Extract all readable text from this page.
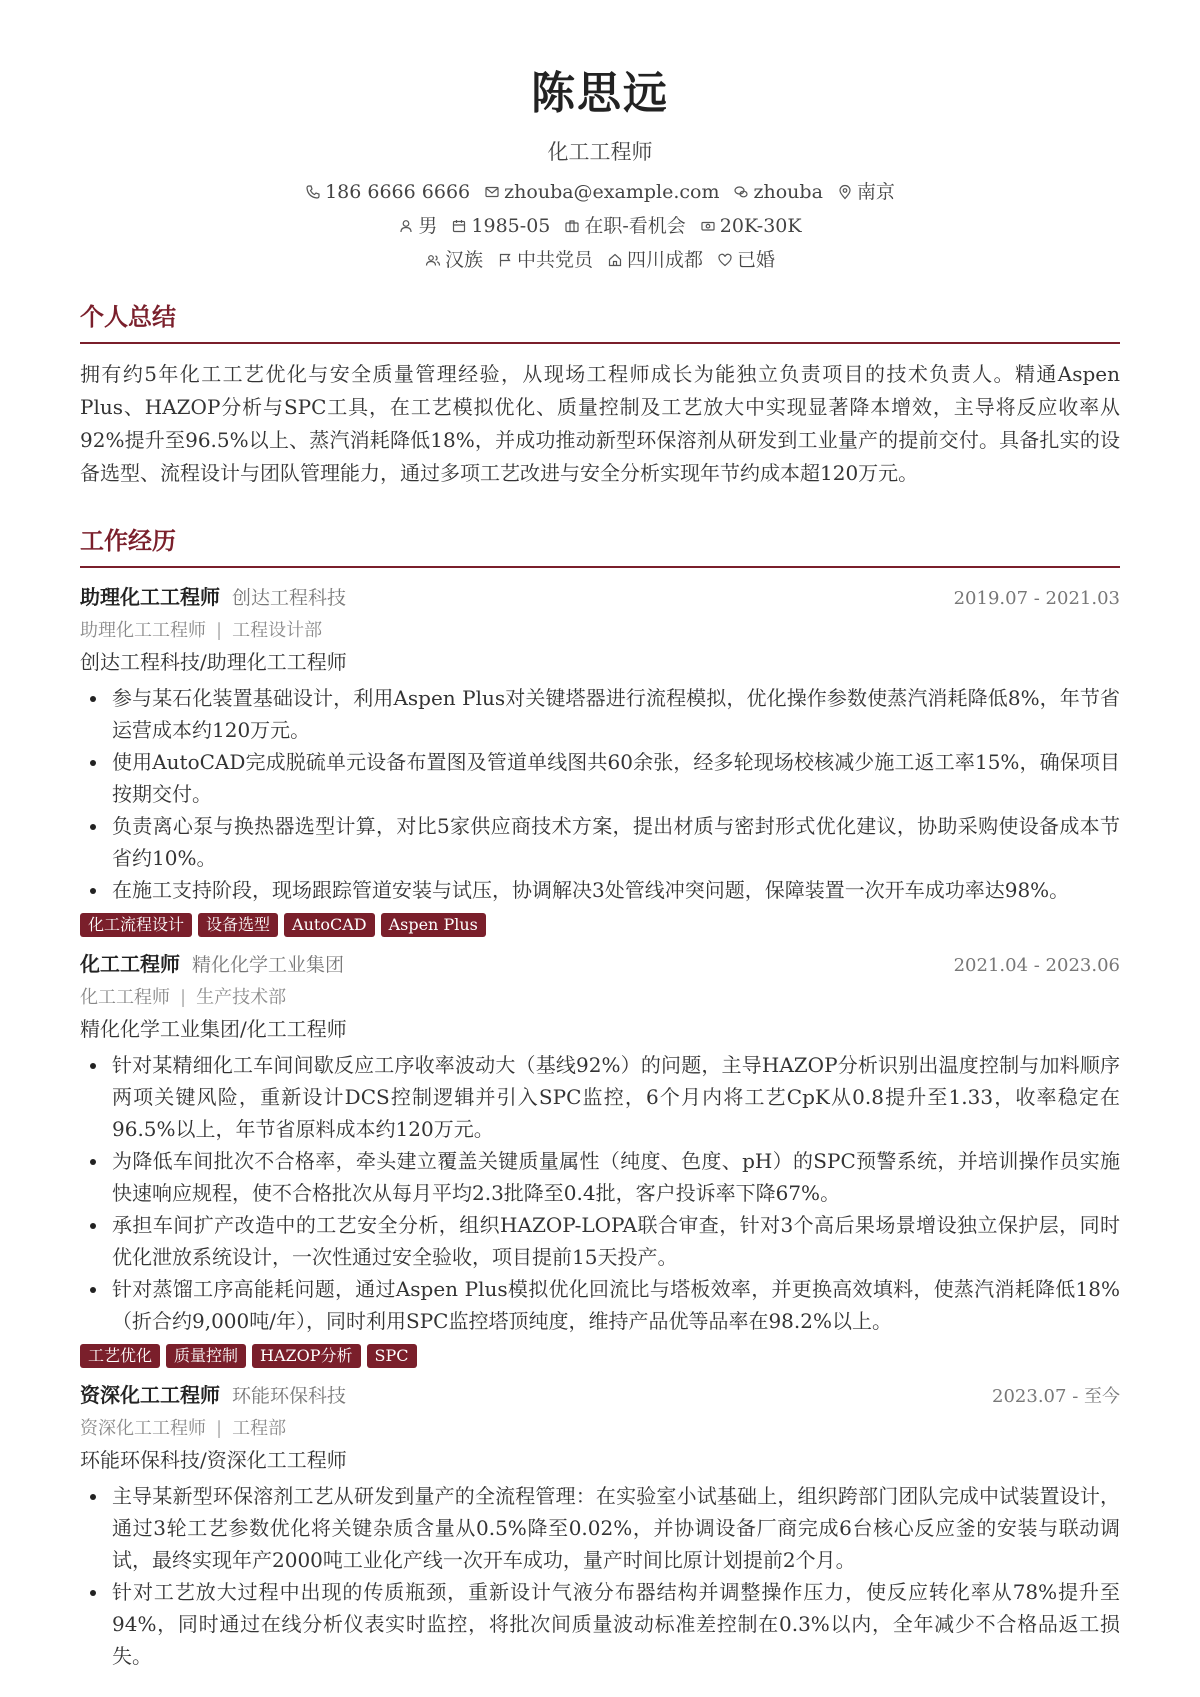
陈思远
化工工程师
186 6666 6666 zhouba@example.com zhouba 南京
男 1985-05 在职-看机会 20K-30K
汉族 中共党员 四川成都 已婚
个人总结

拥有约5年化工工艺优化与安全质量管理经验，从现场工程师成长为能独立负责项目的技术负责人。精通Aspen Plus、HAZOP分析与SPC工具，在工艺模拟优化、质量控制及工艺放大中实现显著降本增效，主导将反应收率从92%提升至96.5%以上、蒸汽消耗降低18%，并成功推动新型环保溶剂从研发到工业量产的提前交付。具备扎实的设备选型、流程设计与团队管理能力，通过多项工艺改进与安全分析实现年节约成本超120万元。

工作经历
助理化工工程师 创达工程科技	2019.07 - 2021.03
助理化工工程师 | 工程设计部
创达工程科技/助理化工工程师
参与某石化装置基础设计，利用Aspen Plus对关键塔器进行流程模拟，优化操作参数使蒸汽消耗降低8%，年节省运营成本约120万元。
使用AutoCAD完成脱硫单元设备布置图及管道单线图共60余张，经多轮现场校核减少施工返工率15%，确保项目按期交付。
负责离心泵与换热器选型计算，对比5家供应商技术方案，提出材质与密封形式优化建议，协助采购使设备成本节省约10%。
在施工支持阶段，现场跟踪管道安装与试压，协调解决3处管线冲突问题，保障装置一次开车成功率达98%。
化工流程设计	设备选型	AutoCAD	Aspen Plus
化工工程师 精化化学工业集团	2021.04 - 2023.06
化工工程师 | 生产技术部
精化化学工业集团/化工工程师
针对某精细化工车间间歇反应工序收率波动大（基线92%）的问题，主导HAZOP分析识别出温度控制与加料顺序两项关键风险，重新设计DCS控制逻辑并引入SPC监控，6个月内将工艺CpK从0.8提升至1.33，收率稳定在96.5%以上，年节省原料成本约120万元。
为降低车间批次不合格率，牵头建立覆盖关键质量属性（纯度、色度、pH）的SPC预警系统，并培训操作员实施快速响应规程，使不合格批次从每月平均2.3批降至0.4批，客户投诉率下降67%。
承担车间扩产改造中的工艺安全分析，组织HAZOP-LOPA联合审查，针对3个高后果场景增设独立保护层，同时优化泄放系统设计，一次性通过安全验收，项目提前15天投产。
针对蒸馏工序高能耗问题，通过Aspen Plus模拟优化回流比与塔板效率，并更换高效填料，使蒸汽消耗降低18%（折合约9,000吨/年），同时利用SPC监控塔顶纯度，维持产品优等品率在98.2%以上。
工艺优化	质量控制	HAZOP分析	SPC
资深化工工程师 环能环保科技	2023.07 - 至今
资深化工工程师 | 工程部
环能环保科技/资深化工工程师
主导某新型环保溶剂工艺从研发到量产的全流程管理：在实验室小试基础上，组织跨部门团队完成中试装置设计，通过3轮工艺参数优化将关键杂质含量从0.5%降至0.02%，并协调设备厂商完成6台核心反应釜的安装与联动调试，最终实现年产2000吨工业化产线一次开车成功，量产时间比原计划提前2个月。
针对工艺放大过程中出现的传质瓶颈，重新设计气液分布器结构并调整操作压力，使反应转化率从78%提升至94%，同时通过在线分析仪表实时监控，将批次间质量波动标准差控制在0.3%以内，全年减少不合格品返工损失。
